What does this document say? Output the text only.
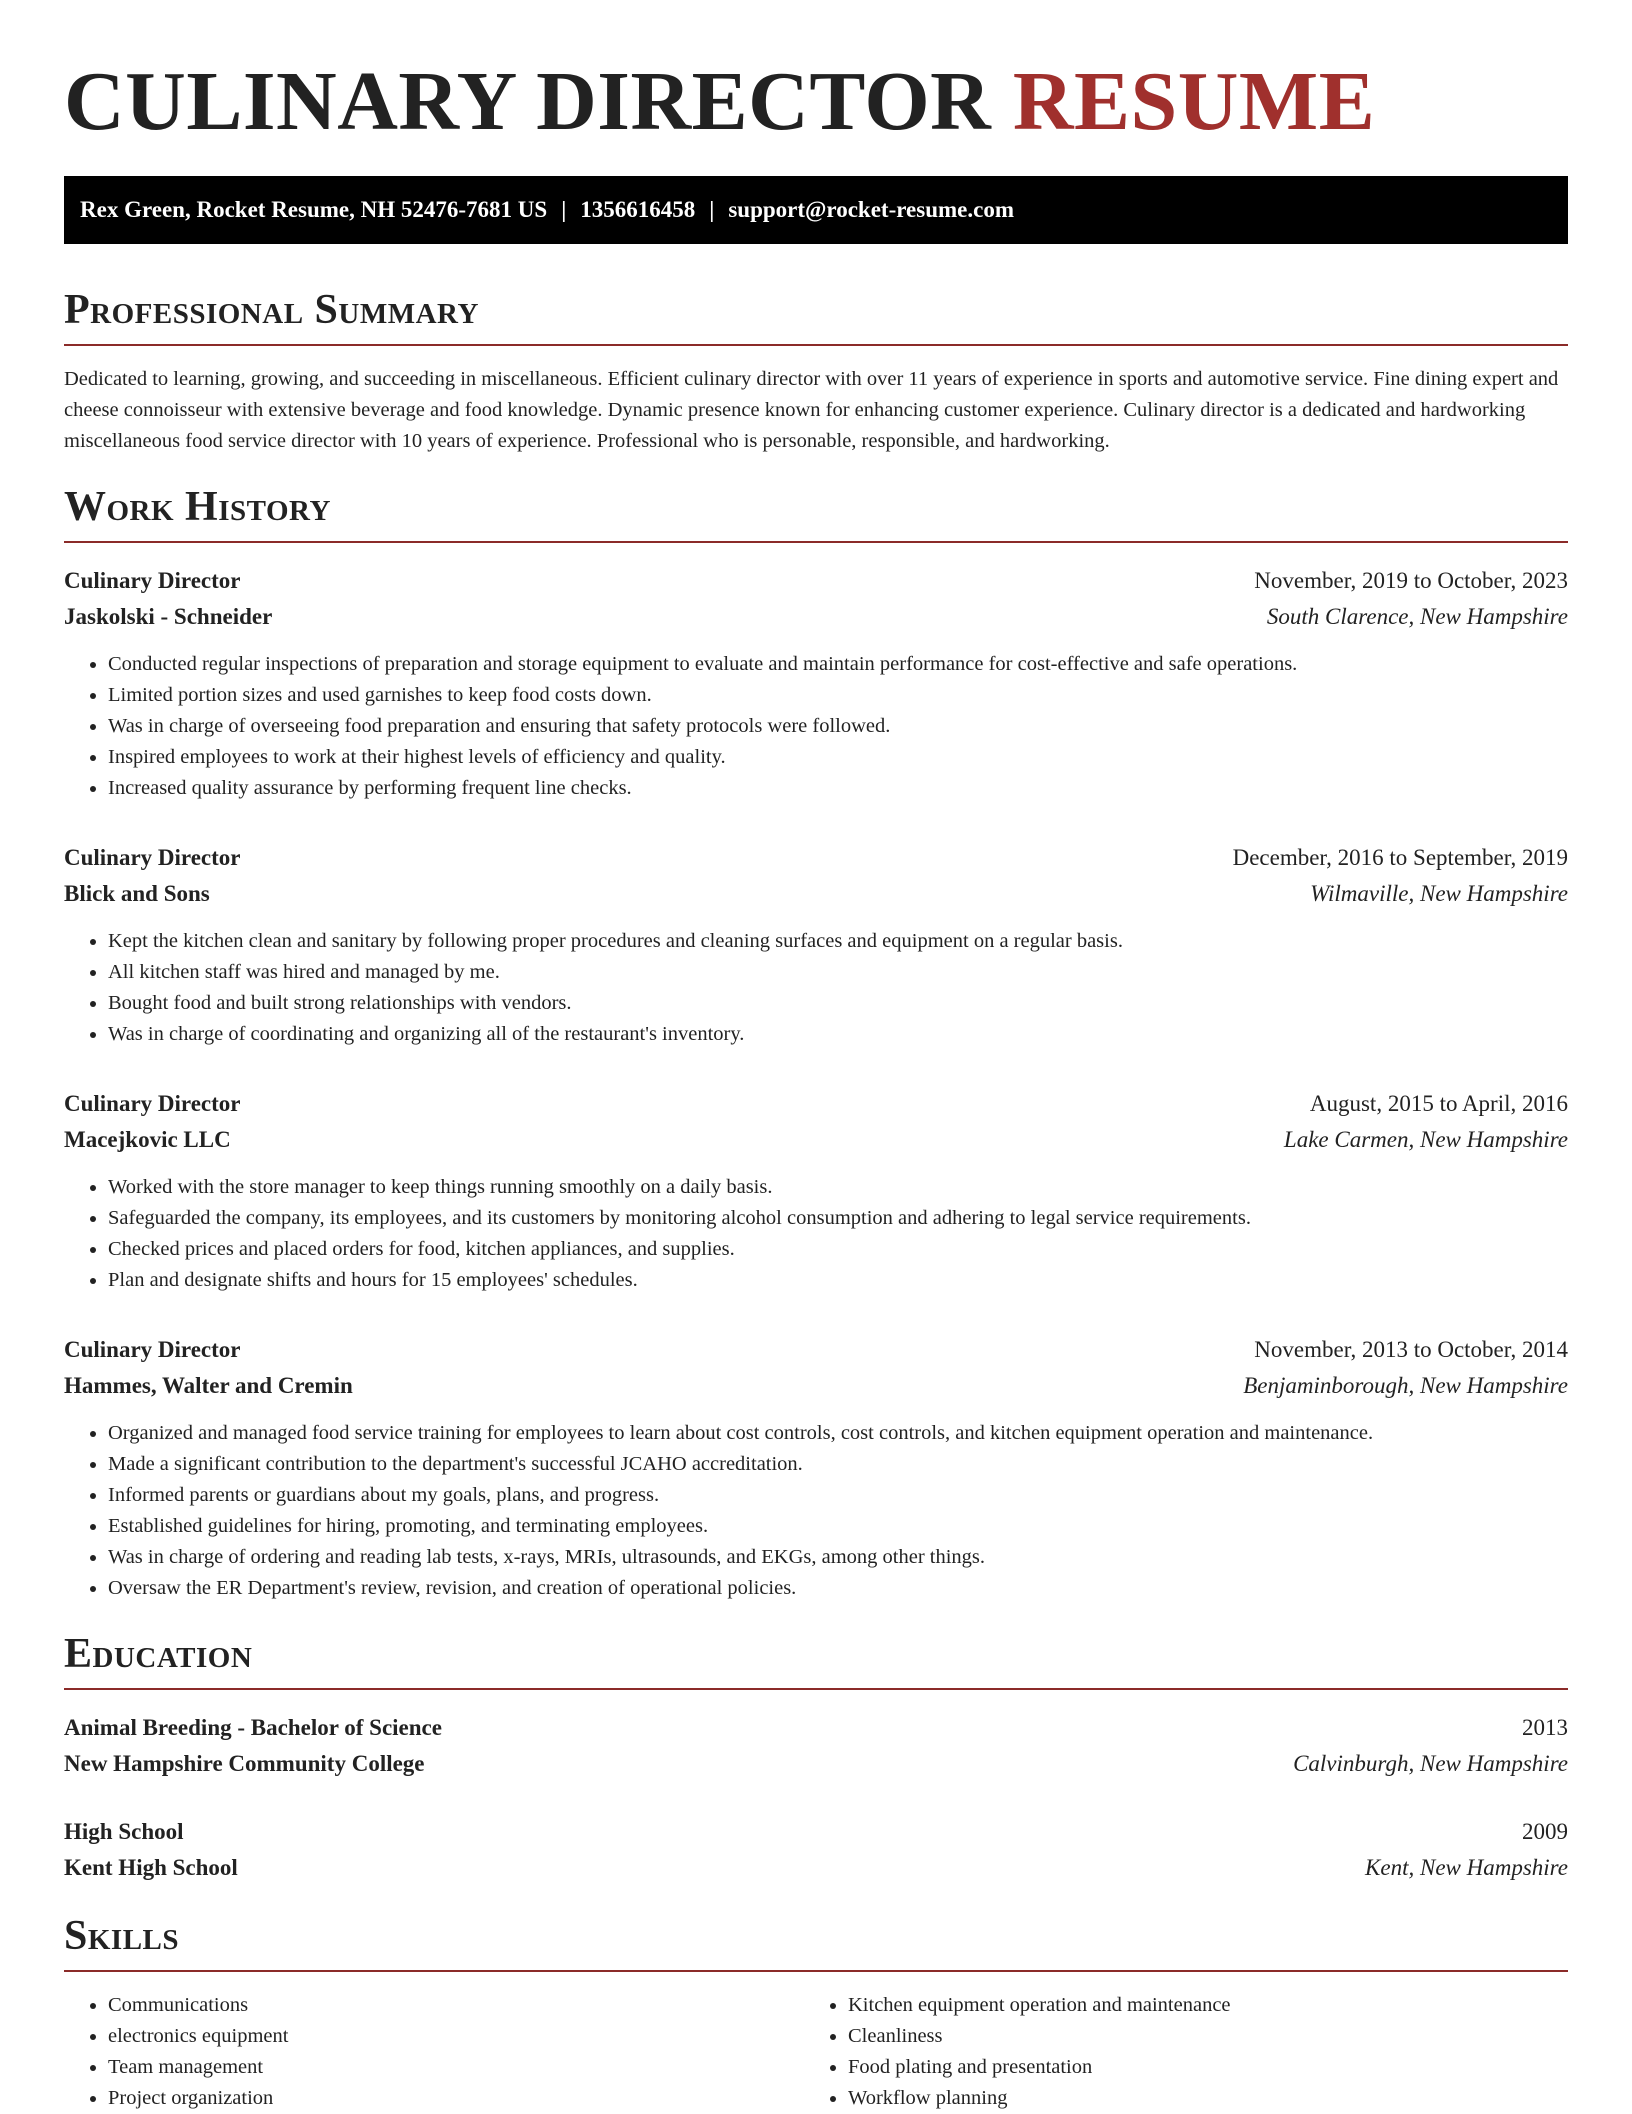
CULINARY DIRECTOR RESUME
Rex Green, Rocket Resume, NH 52476-7681 US | 1356616458 | support@rocket-resume.com
Professional Summary

Dedicated to learning, growing, and succeeding in miscellaneous. Efficient culinary director with over 11 years of experience in sports and automotive service. Fine dining expert and cheese connoisseur with extensive beverage and food knowledge. Dynamic presence known for enhancing customer experience. Culinary director is a dedicated and hardworking miscellaneous food service director with 10 years of experience. Professional who is personable, responsible, and hardworking.

Work History
Culinary Director	November, 2019 to October, 2023
Jaskolski - Schneider	South Clarence, New Hampshire
• Conducted regular inspections of preparation and storage equipment to evaluate and maintain performance for cost-effective and safe operations.
• Limited portion sizes and used garnishes to keep food costs down.
• Was in charge of overseeing food preparation and ensuring that safety protocols were followed.
• Inspired employees to work at their highest levels of efficiency and quality.
• Increased quality assurance by performing frequent line checks.
Culinary Director	December, 2016 to September, 2019
Blick and Sons	Wilmaville, New Hampshire
• Kept the kitchen clean and sanitary by following proper procedures and cleaning surfaces and equipment on a regular basis.
• All kitchen staff was hired and managed by me.
• Bought food and built strong relationships with vendors.
• Was in charge of coordinating and organizing all of the restaurant's inventory.
Culinary Director	August, 2015 to April, 2016
Macejkovic LLC	Lake Carmen, New Hampshire
• Worked with the store manager to keep things running smoothly on a daily basis.
• Safeguarded the company, its employees, and its customers by monitoring alcohol consumption and adhering to legal service requirements.
• Checked prices and placed orders for food, kitchen appliances, and supplies.
• Plan and designate shifts and hours for 15 employees' schedules.
Culinary Director	November, 2013 to October, 2014
Hammes, Walter and Cremin	Benjaminborough, New Hampshire
• Organized and managed food service training for employees to learn about cost controls, cost controls, and kitchen equipment operation and maintenance.
• Made a significant contribution to the department's successful JCAHO accreditation.
• Informed parents or guardians about my goals, plans, and progress.
• Established guidelines for hiring, promoting, and terminating employees.
• Was in charge of ordering and reading lab tests, x-rays, MRIs, ultrasounds, and EKGs, among other things.
• Oversaw the ER Department's review, revision, and creation of operational policies.
Education
Animal Breeding - Bachelor of Science	2013
New Hampshire Community College	Calvinburgh, New Hampshire
High School	2009
Kent High School	Kent, New Hampshire
Skills
• Communications
• electronics equipment
• Team management
• Project organization
• Kitchen equipment operation and maintenance
• Cleanliness
• Food plating and presentation
• Workflow planning
